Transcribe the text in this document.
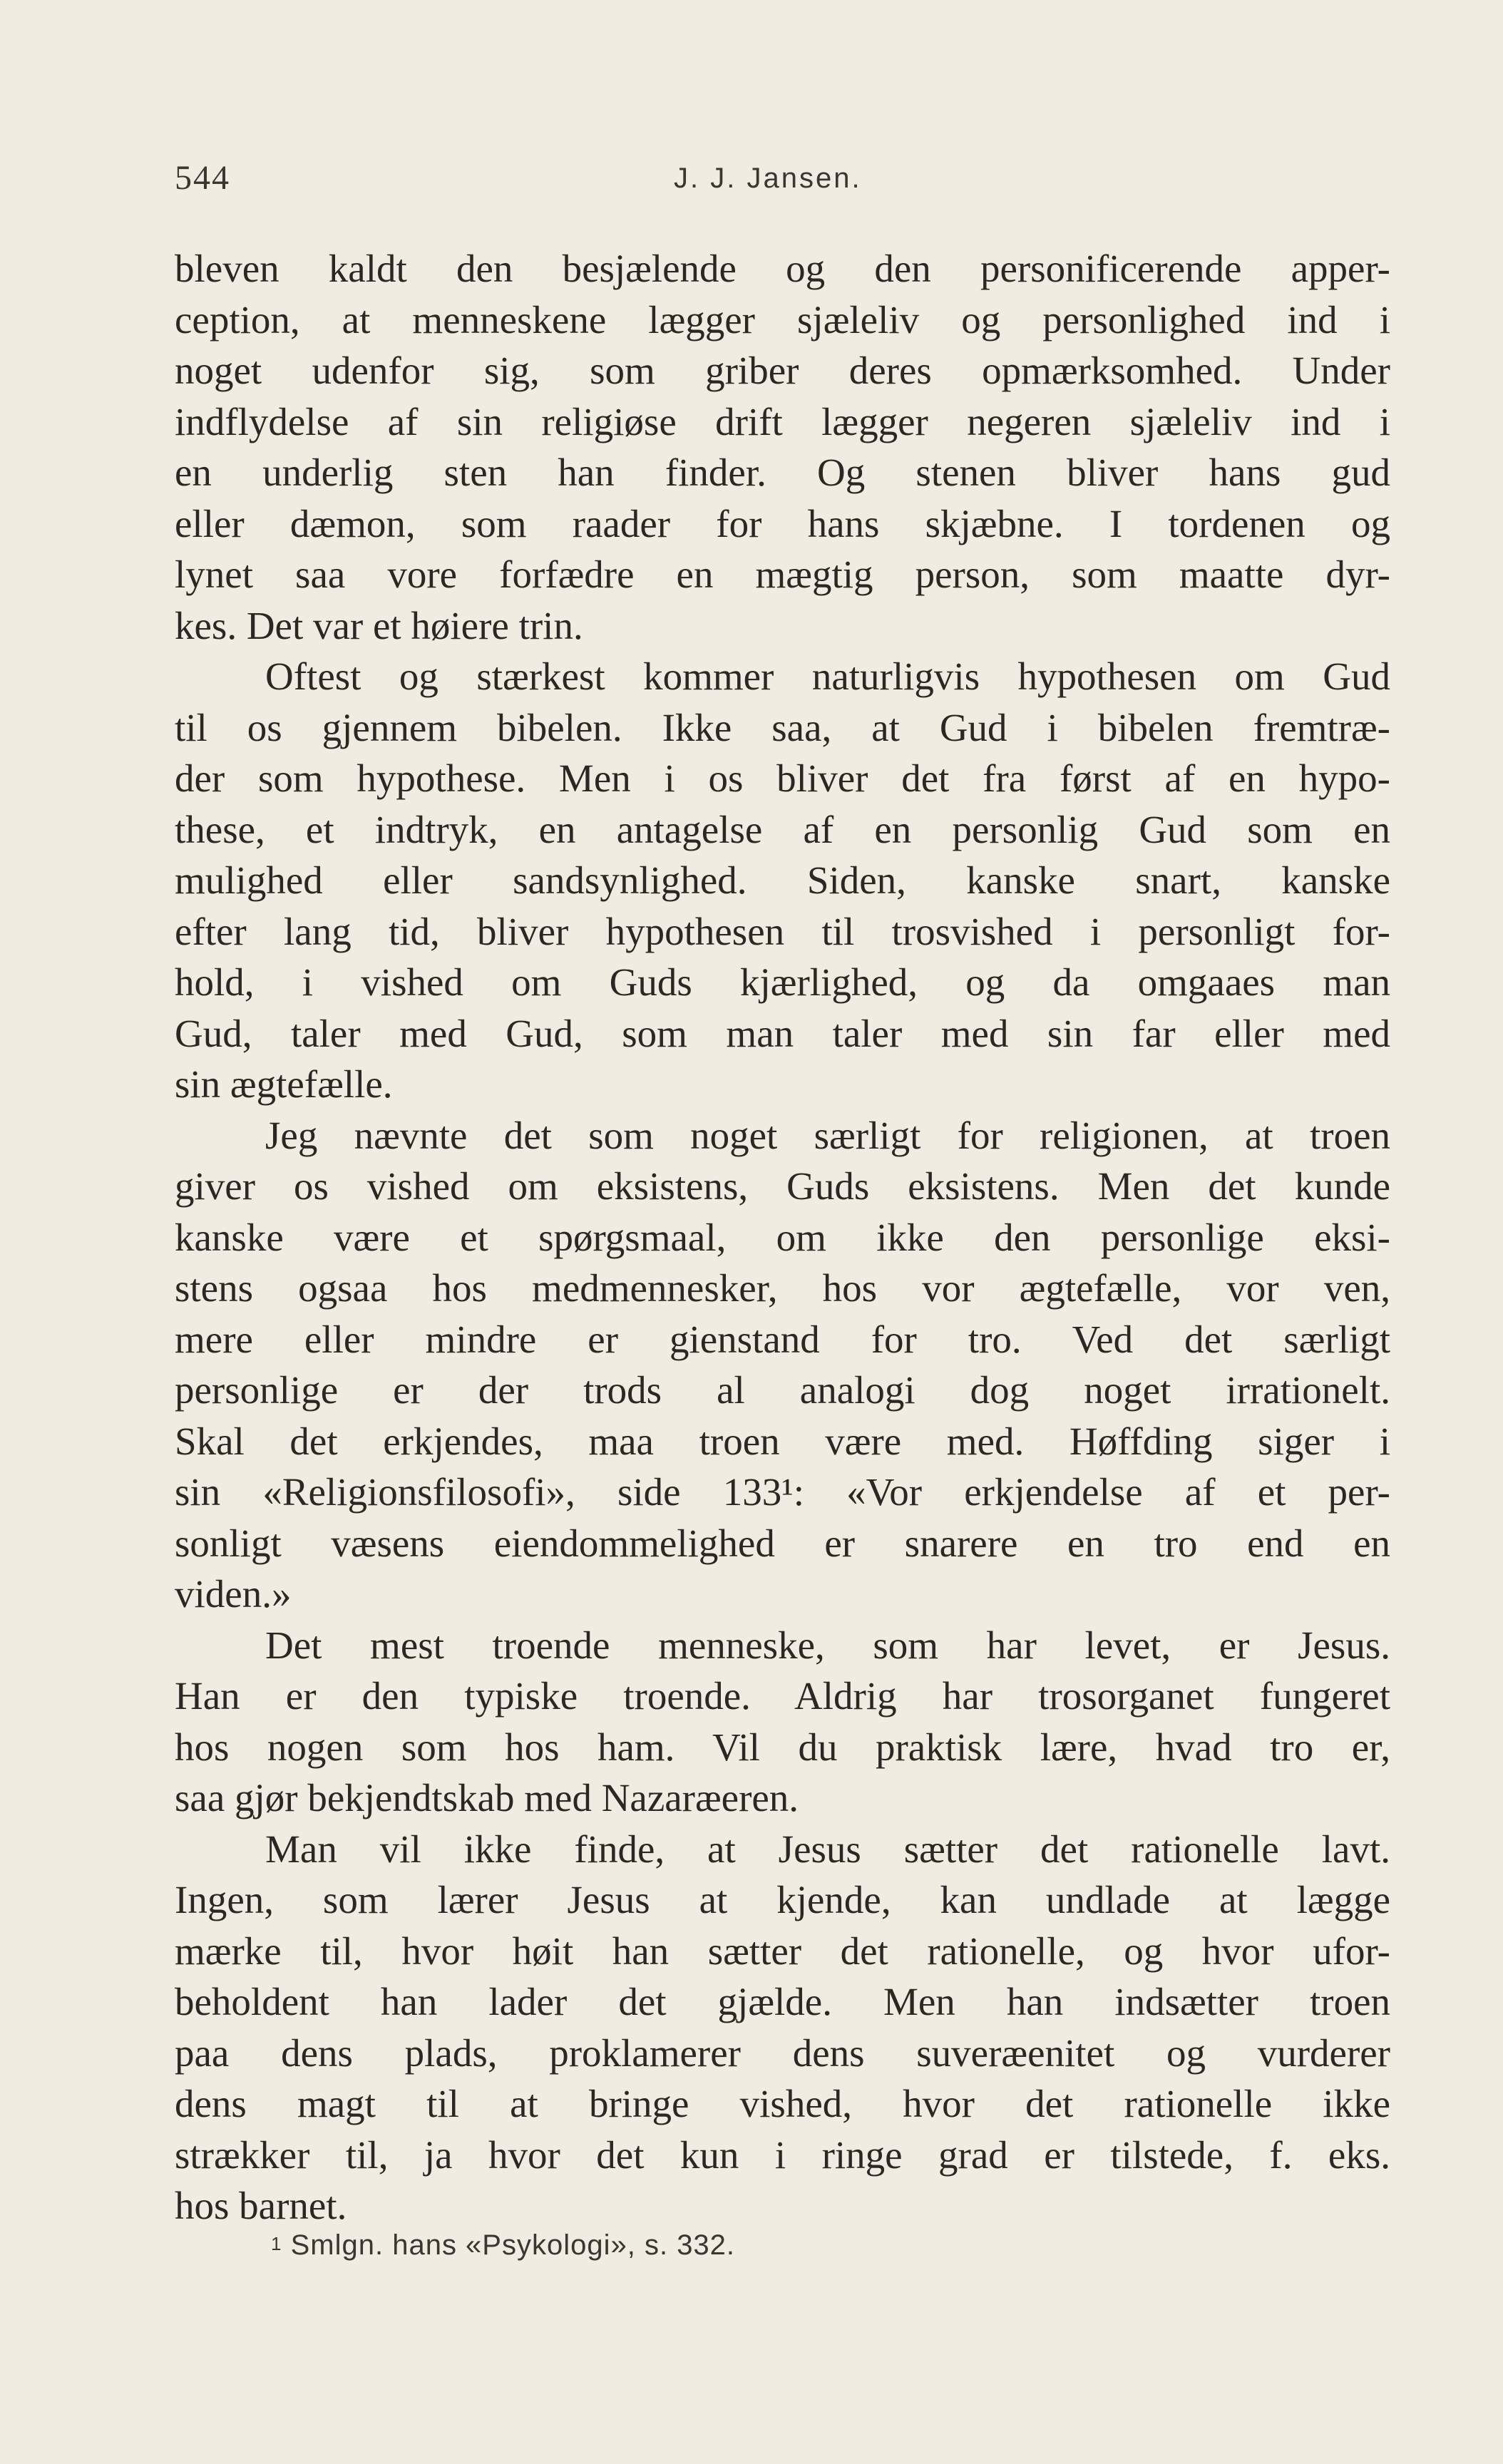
544	J. J. Jansen.
bleven kaldt den besjælende og den personificerende apper-
ception, at menneskene lægger sjæleliv og personlighed ind i
noget udenfor sig, som griber deres opmærksomhed. Under
indflydelse af sin religiøse drift lægger negeren sjæleliv ind i
en underlig sten han finder. Og stenen bliver hans gud
eller dæmon, som raader for hans skjæbne. I tordenen og
lynet saa vore forfædre en mægtig person, som maatte dyr-
kes. Det var et høiere trin.
Oftest og stærkest kommer naturligvis hypothesen om Gud
til os gjennem bibelen. Ikke saa, at Gud i bibelen fremtræ-
der som hypothese. Men i os bliver det fra først af en hypo-
these, et indtryk, en antagelse af en personlig Gud som en
mulighed eller sandsynlighed. Siden, kanske snart, kanske
efter lang tid, bliver hypothesen til trosvished i personligt for-
hold, i vished om Guds kjærlighed, og da omgaaes man
Gud, taler med Gud, som man taler med sin far eller med
sin ægtefælle.
Jeg nævnte det som noget særligt for religionen, at troen
giver os vished om eksistens, Guds eksistens. Men det kunde
kanske være et spørgsmaal, om ikke den personlige eksi-
stens ogsaa hos medmennesker, hos vor ægtefælle, vor ven,
mere eller mindre er gienstand for tro. Ved det særligt
personlige er der trods al analogi dog noget irrationelt.
Skal det erkjendes, maa troen være med. Høffding siger i
sin «Religionsfilosofi», side 133¹: «Vor erkjendelse af et per-
sonligt væsens eiendommelighed er snarere en tro end en
viden.»
Det mest troende menneske, som har levet, er Jesus.
Han er den typiske troende. Aldrig har trosorganet fungeret
hos nogen som hos ham. Vil du praktisk lære, hvad tro er,
saa gjør bekjendtskab med Nazaræeren.
Man vil ikke finde, at Jesus sætter det rationelle lavt.
Ingen, som lærer Jesus at kjende, kan undlade at lægge
mærke til, hvor høit han sætter det rationelle, og hvor ufor-
beholdent han lader det gjælde. Men han indsætter troen
paa dens plads, proklamerer dens suveræenitet og vurderer
dens magt til at bringe vished, hvor det rationelle ikke
strækker til, ja hvor det kun i ringe grad er tilstede, f. eks.
hos barnet.
$^1$ Smlgn. hans «Psykologi», s. 332.
